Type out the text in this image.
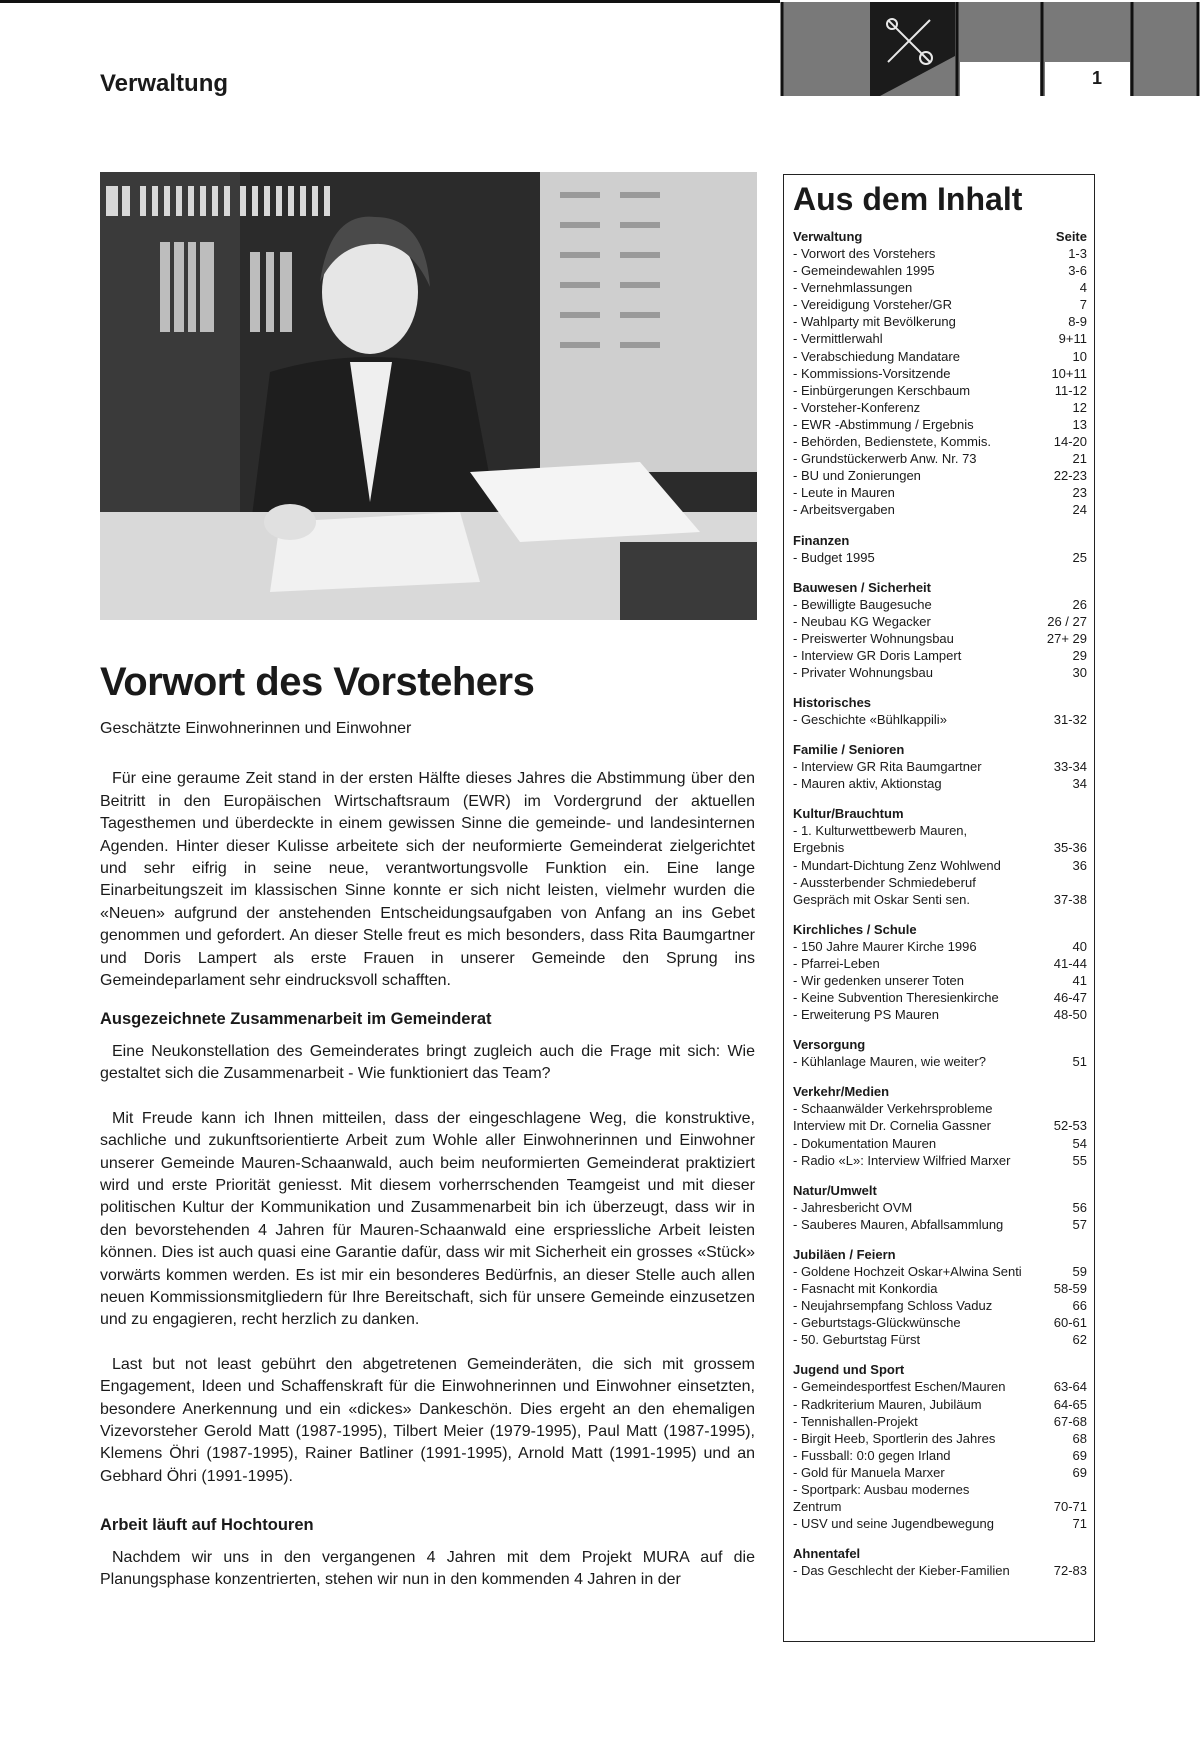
Verwaltung	1
Vorwort des Vorstehers

Geschätzte Einwohnerinnen und Einwohner

Für eine geraume Zeit stand in der ersten Hälfte dieses Jahres die Abstimmung über den Beitritt in den Europäischen Wirtschaftsraum (EWR) im Vordergrund der aktuellen Tagesthemen und überdeckte in einem gewissen Sinne die gemeinde- und landesinternen Agenden. Hinter dieser Kulisse arbeitete sich der neuformierte Gemeinderat zielgerichtet und sehr eifrig in seine neue, verantwortungsvolle Funktion ein. Eine lange Einarbeitungszeit im klassischen Sinne konnte er sich nicht leisten, vielmehr wurden die «Neuen» aufgrund der anstehenden Entscheidungsaufgaben von Anfang an ins Gebet genommen und gefordert. An dieser Stelle freut es mich besonders, dass Rita Baumgartner und Doris Lampert als erste Frauen in unserer Gemeinde den Sprung ins Gemeindeparlament sehr eindrucksvoll schafften.

Ausgezeichnete Zusammenarbeit im Gemeinderat

Eine Neukonstellation des Gemeinderates bringt zugleich auch die Frage mit sich: Wie gestaltet sich die Zusammenarbeit - Wie funktioniert das Team?

Mit Freude kann ich Ihnen mitteilen, dass der eingeschlagene Weg, die konstruktive, sachliche und zukunftsorientierte Arbeit zum Wohle aller Einwohnerinnen und Einwohner unserer Gemeinde Mauren-Schaanwald, auch beim neuformierten Gemeinderat praktiziert wird und erste Priorität geniesst. Mit diesem vorherrschenden Teamgeist und mit dieser politischen Kultur der Kommunikation und Zusammenarbeit bin ich überzeugt, dass wir in den bevorstehenden 4 Jahren für Mauren-Schaanwald eine erspriessliche Arbeit leisten können. Dies ist auch quasi eine Garantie dafür, dass wir mit Sicherheit ein grosses «Stück» vorwärts kommen werden. Es ist mir ein besonderes Bedürfnis, an dieser Stelle auch allen neuen Kommissionsmitgliedern für Ihre Bereitschaft, sich für unsere Gemeinde einzusetzen und zu engagieren, recht herzlich zu danken.

Last but not least gebührt den abgetretenen Gemeinderäten, die sich mit grossem Engagement, Ideen und Schaffenskraft für die Einwohnerinnen und Einwohner einsetzten, besondere Anerkennung und ein «dickes» Dankeschön. Dies ergeht an den ehemaligen Vizevorsteher Gerold Matt (1987-1995), Tilbert Meier (1979-1995), Paul Matt (1987-1995), Klemens Öhri (1987-1995), Rainer Batliner (1991-1995), Arnold Matt (1991-1995) und an Gebhard Öhri (1991-1995).

Arbeit läuft auf Hochtouren

Nachdem wir uns in den vergangenen 4 Jahren mit dem Projekt MURA auf die Planungsphase konzentrierten, stehen wir nun in den kommenden 4 Jahren in der

Aus dem Inhalt
Verwaltung	Seite
- Vorwort des Vorstehers	1-3
- Gemeindewahlen 1995	3-6
- Vernehmlassungen	4
- Vereidigung Vorsteher/GR	7
- Wahlparty mit Bevölkerung	8-9
- Vermittlerwahl	9+11
- Verabschiedung Mandatare	10
- Kommissions-Vorsitzende	10+11
- Einbürgerungen Kerschbaum	11-12
- Vorsteher-Konferenz	12
- EWR -Abstimmung / Ergebnis	13
- Behörden, Bedienstete, Kommis.	14-20
- Grundstückerwerb Anw. Nr. 73	21
- BU und Zonierungen	22-23
- Leute in Mauren	23
- Arbeitsvergaben	24
Finanzen
- Budget 1995	25
Bauwesen / Sicherheit
- Bewilligte Baugesuche	26
- Neubau KG Wegacker	26 / 27
- Preiswerter Wohnungsbau	27+ 29
- Interview GR Doris Lampert	29
- Privater Wohnungsbau	30
Historisches
- Geschichte «Bühlkappili»	31-32
Familie / Senioren
- Interview GR Rita Baumgartner	33-34
- Mauren aktiv, Aktionstag	34
Kultur/Brauchtum
- 1. Kulturwettbewerb Mauren,
Ergebnis	35-36
- Mundart-Dichtung Zenz Wohlwend	36
- Aussterbender Schmiedeberuf
Gespräch mit Oskar Senti sen.	37-38
Kirchliches / Schule
- 150 Jahre Maurer Kirche 1996	40
- Pfarrei-Leben	41-44
- Wir gedenken unserer Toten	41
- Keine Subvention Theresienkirche	46-47
- Erweiterung PS Mauren	48-50
Versorgung
- Kühlanlage Mauren, wie weiter?	51
Verkehr/Medien
- Schaanwälder Verkehrsprobleme
Interview mit Dr. Cornelia Gassner	52-53
- Dokumentation Mauren	54
- Radio «L»: Interview Wilfried Marxer	55
Natur/Umwelt
- Jahresbericht OVM	56
- Sauberes Mauren, Abfallsammlung	57
Jubiläen / Feiern
- Goldene Hochzeit Oskar+Alwina Senti	59
- Fasnacht mit Konkordia	58-59
- Neujahrsempfang Schloss Vaduz	66
- Geburtstags-Glückwünsche	60-61
- 50. Geburtstag Fürst	62
Jugend und Sport
- Gemeindesportfest Eschen/Mauren	63-64
- Radkriterium Mauren, Jubiläum	64-65
- Tennishallen-Projekt	67-68
- Birgit Heeb, Sportlerin des Jahres	68
- Fussball: 0:0 gegen Irland	69
- Gold für Manuela Marxer	69
- Sportpark: Ausbau modernes
Zentrum	70-71
- USV und seine Jugendbewegung	71
Ahnentafel
- Das Geschlecht der Kieber-Familien	72-83
